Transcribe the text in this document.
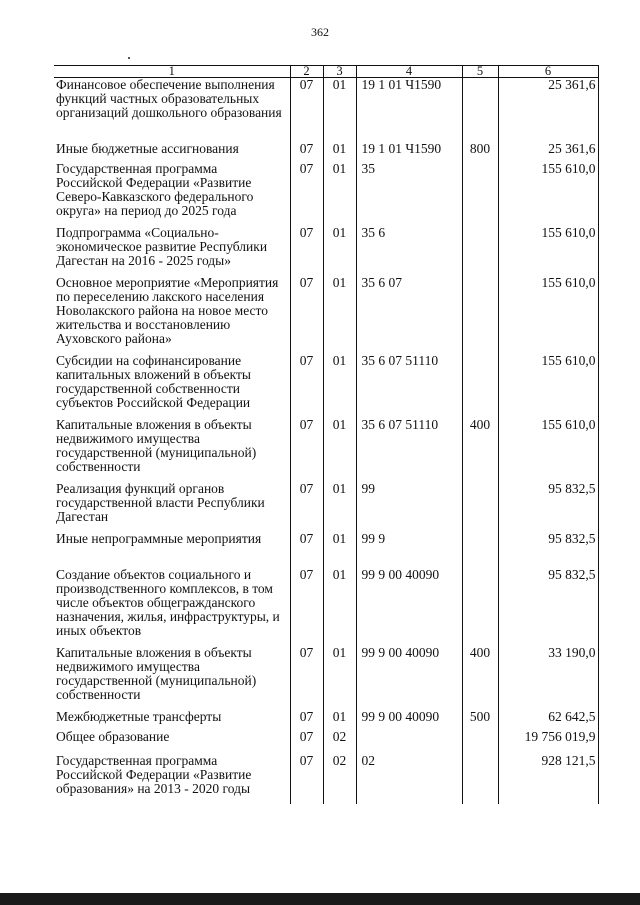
362
1	2	3	4	5	6
Финансовое обеспечение выполнения функций частных образовательных организаций дошкольного образования	07	01	19 1 01 Ч1590		25 361,6
Иные бюджетные ассигнования	07	01	19 1 01 Ч1590	800	25 361,6
Государственная программа Российской Федерации «Развитие Северо-Кавказского федерального округа» на период до 2025 года	07	01	35		155 610,0
Подпрограмма «Социально-экономическое развитие Республики Дагестан на 2016 - 2025 годы»	07	01	35 6		155 610,0
Основное мероприятие «Мероприятия по переселению лакского населения Новолакского района на новое место жительства и восстановлению Ауховского района»	07	01	35 6 07		155 610,0
Субсидии на софинансирование капитальных вложений в объекты государственной собственности субъектов Российской Федерации	07	01	35 6 07 51110		155 610,0
Капитальные вложения в объекты недвижимого имущества государственной (муниципальной) собственности	07	01	35 6 07 51110	400	155 610,0
Реализация функций органов государственной власти Республики Дагестан	07	01	99		95 832,5
Иные непрограммные мероприятия	07	01	99 9		95 832,5
Создание объектов социального и производственного комплексов, в том числе объектов общегражданского назначения, жилья, инфраструктуры, и иных объектов	07	01	99 9 00 40090		95 832,5
Капитальные вложения в объекты недвижимого имущества государственной (муниципальной) собственности	07	01	99 9 00 40090	400	33 190,0
Межбюджетные трансферты	07	01	99 9 00 40090	500	62 642,5
Общее образование	07	02			19 756 019,9
Государственная программа Российской Федерации «Развитие образования» на 2013 - 2020 годы	07	02	02		928 121,5
